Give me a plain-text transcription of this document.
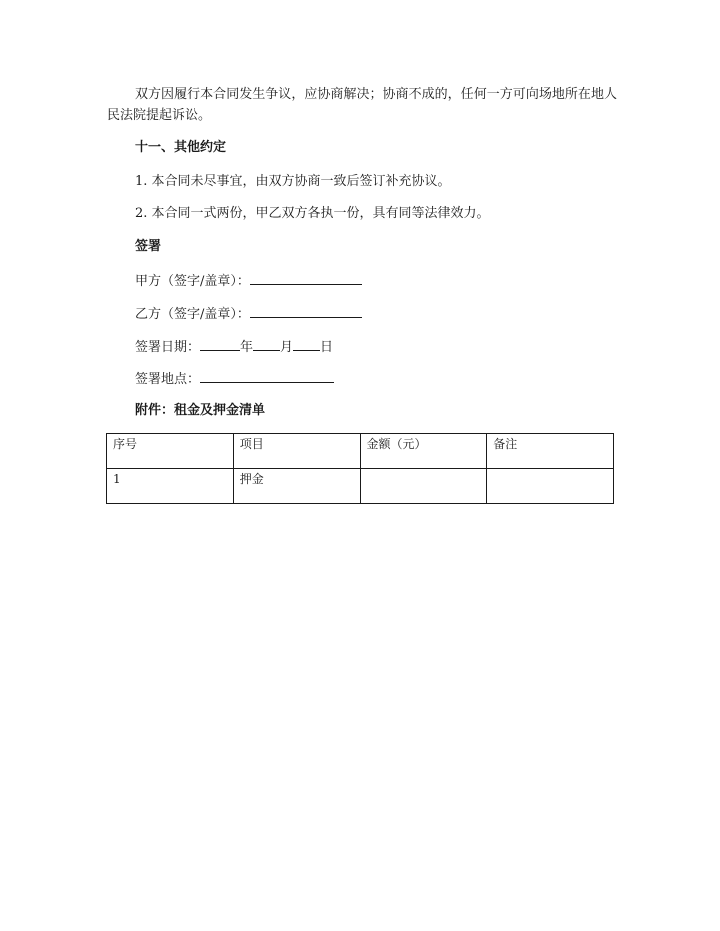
双方因履行本合同发生争议，应协商解决；协商不成的，任何一方可向场地所在地人民法院提起诉讼。
十一、其他约定
1. 本合同未尽事宜，由双方协商一致后签订补充协议。
2. 本合同一式两份，甲乙双方各执一份，具有同等法律效力。
签署
甲方（签字/盖章）：
乙方（签字/盖章）：
签署日期：	年 月 日
签署地点：
附件：租金及押金清单
序号	项目	金额（元）	备注
1	押金		
